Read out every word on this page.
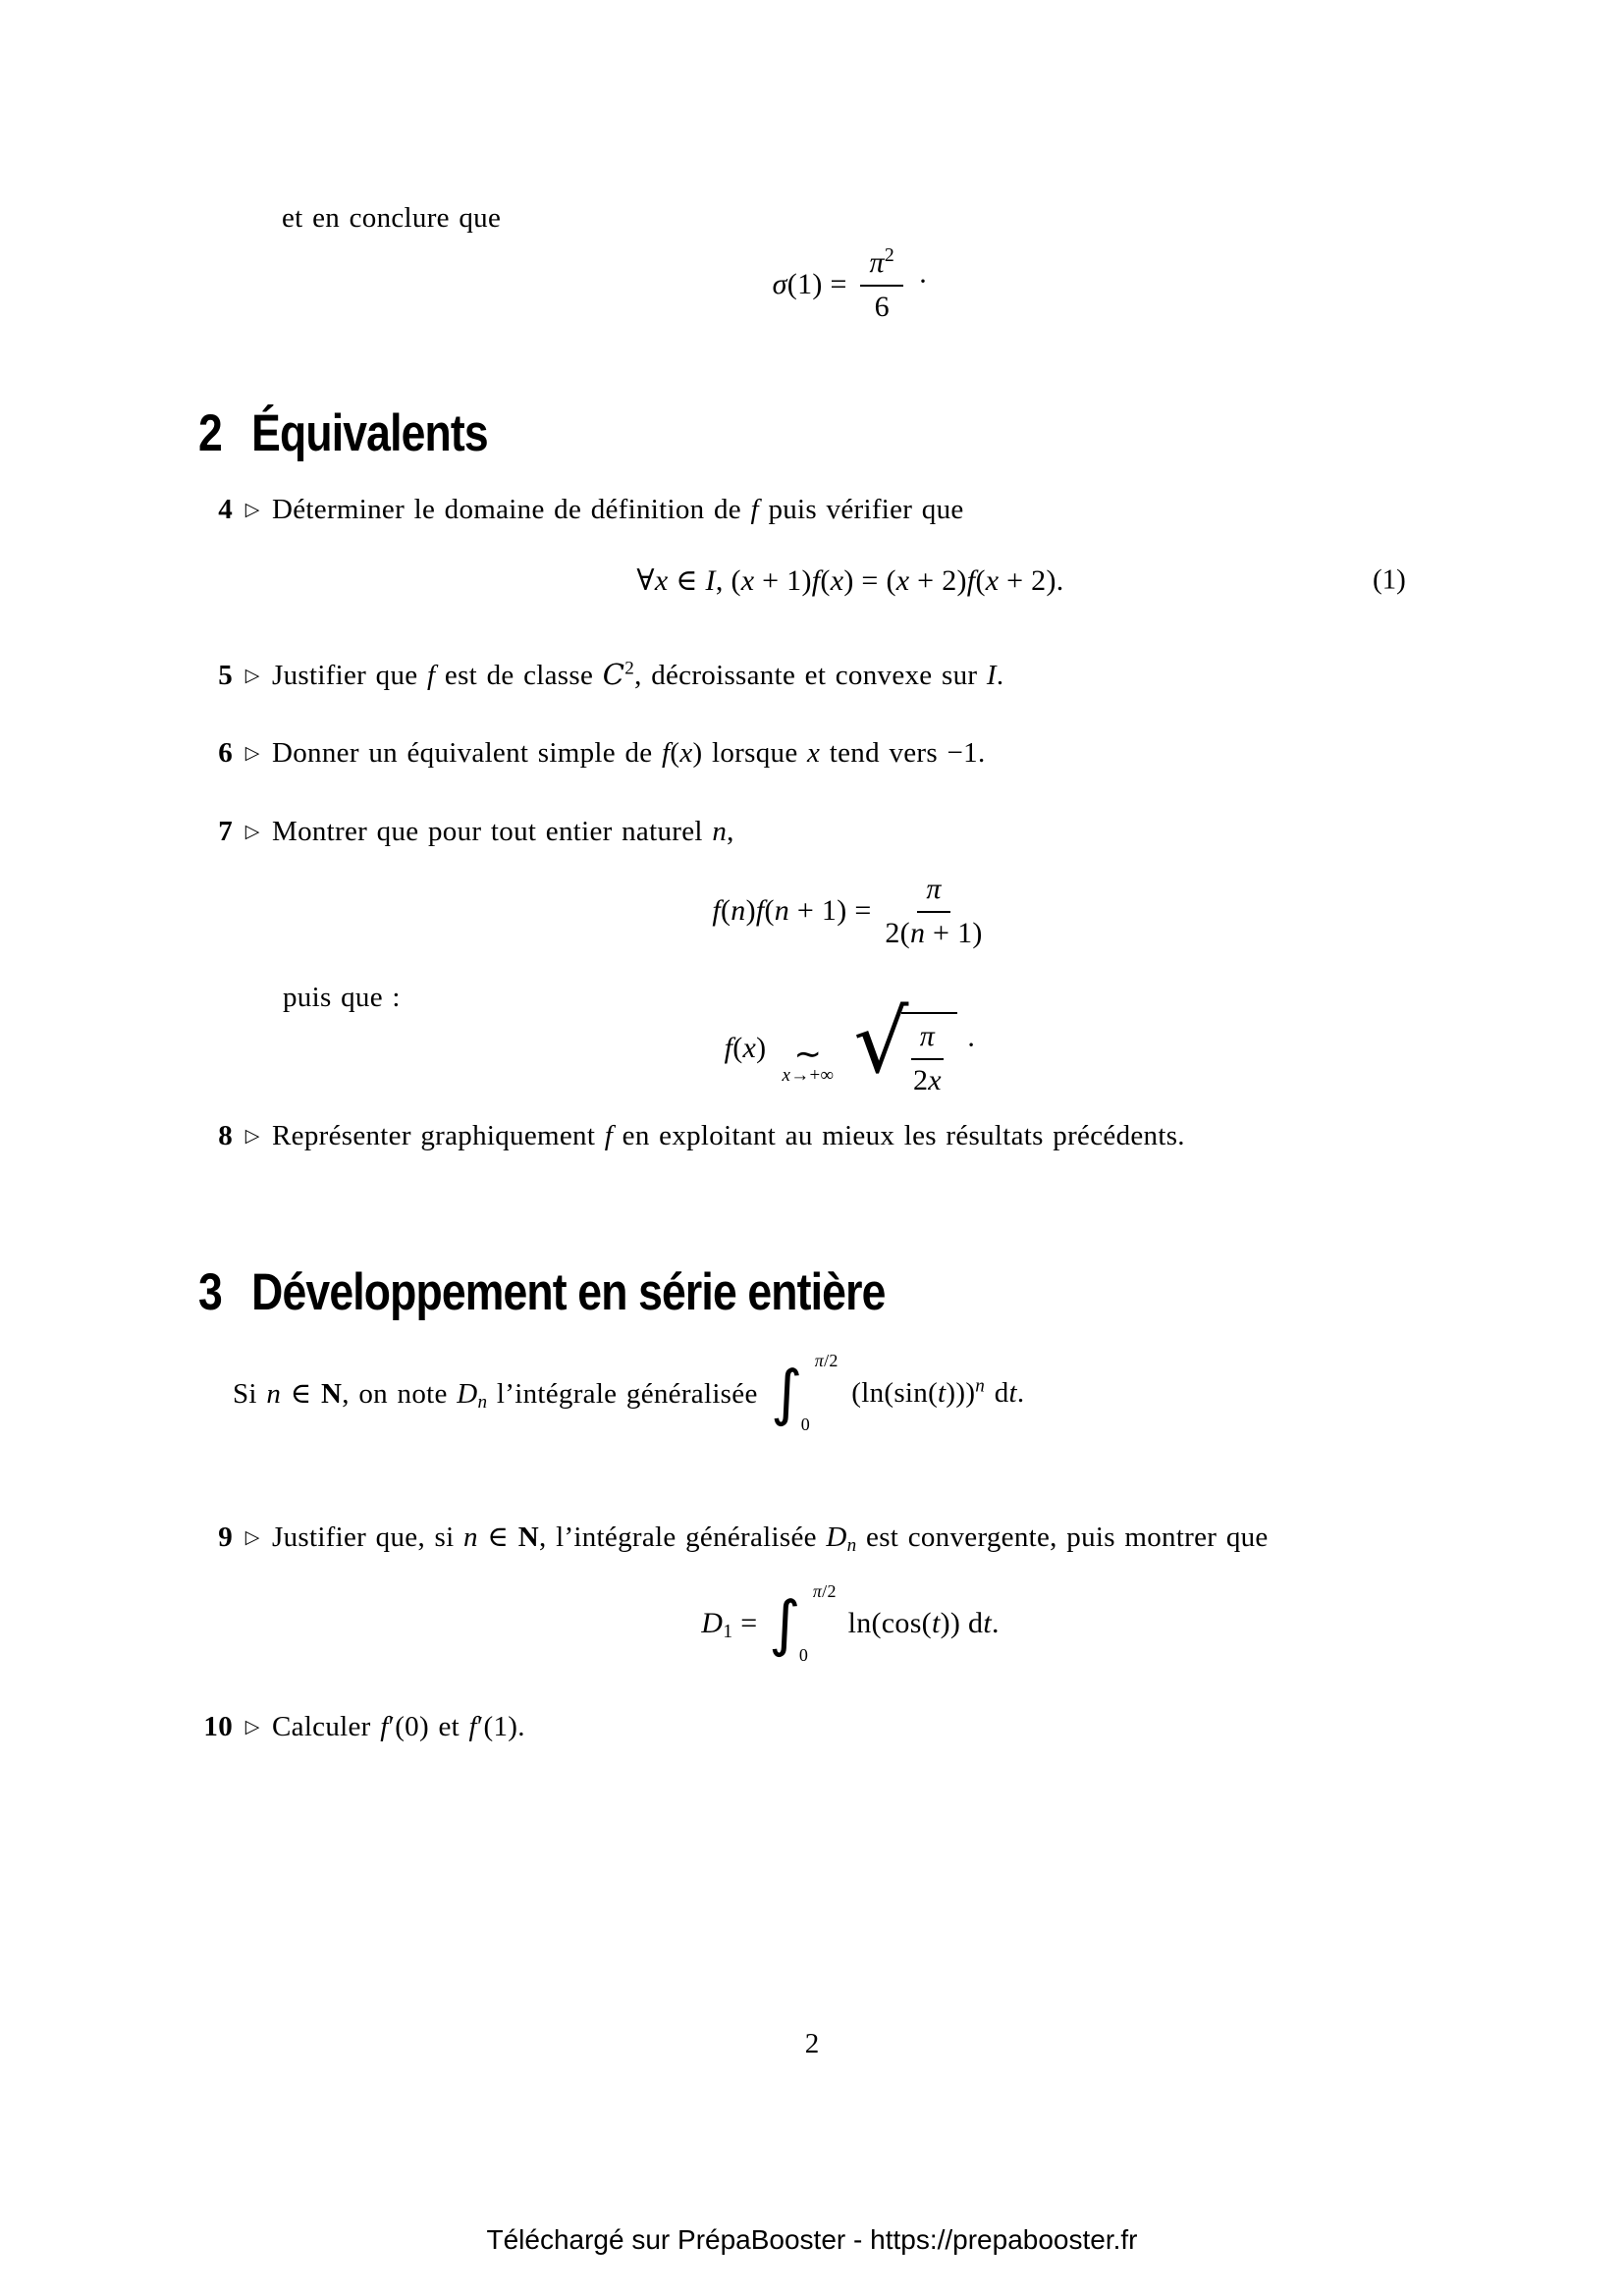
et en conclure que
$\sigma(1) = \frac{\pi^2}{6}$ ·
2 Équivalents
4 ▷ Déterminer le domaine de définition de f puis vérifier que
∀x ∈ I, (x + 1)f(x) = (x + 2)f(x + 2).	(1)
5 ▷ Justifier que f est de classe $C^2$, décroissante et convexe sur I.
6 ▷ Donner un équivalent simple de f(x) lorsque x tend vers −1.
7 ▷ Montrer que pour tout entier naturel n,
$f(n)f(n + 1) = \frac{\pi}{2(n + 1)}$
puis que :
f(x) ∼
x→+∞ √ $\frac{\pi}{2x}$ ·
8 ▷ Représenter graphiquement f en exploitant au mieux les résultats précédents.
3 Développement en série entière
Si n ∈ N, on note Dn l’intégrale généralisée ∫ π/2
0
$(\ln(\sin(t)))^n$ dt.
9 ▷ Justifier que, si n ∈ N, l’intégrale généralisée Dn est convergente, puis montrer que
$D_1$ = ∫ π/2
0
ln(cos(t)) dt.
10 ▷ Calculer f′(0) et f′(1).
2
Téléchargé sur PrépaBooster - https://prepabooster.fr
